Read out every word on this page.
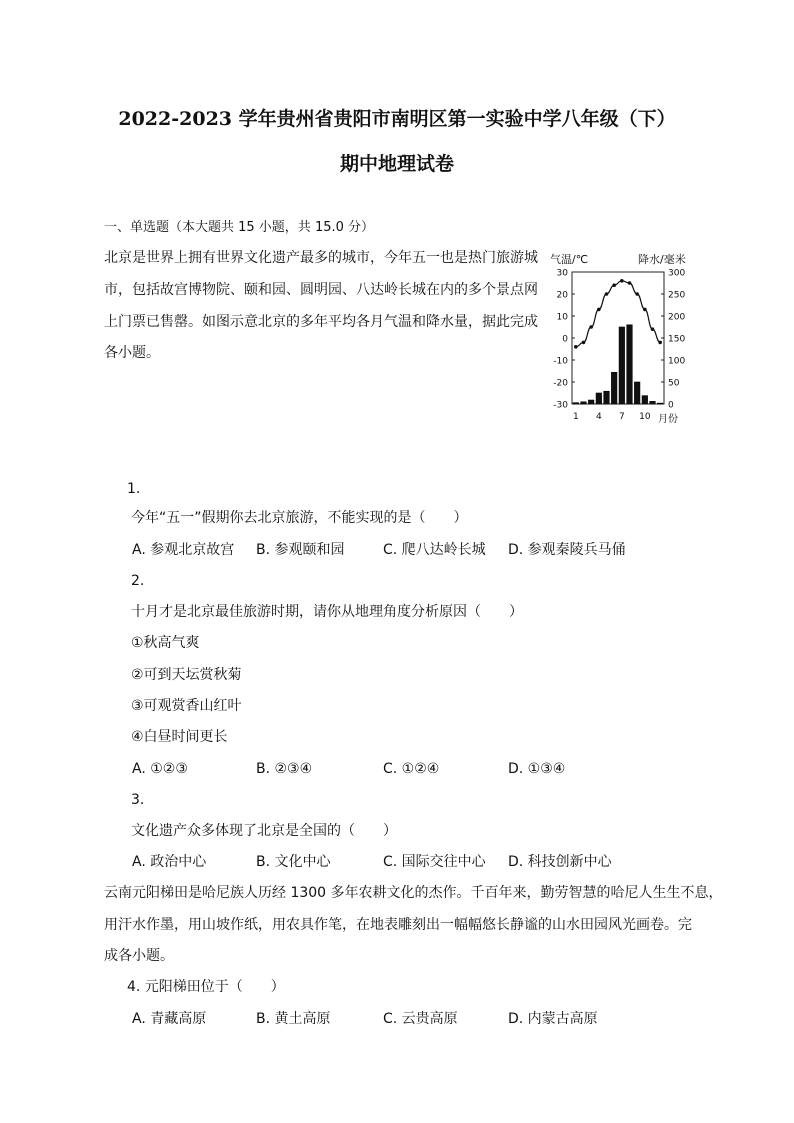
2022-2023 学年贵州省贵阳市南明区第一实验中学八年级（下）
期中地理试卷
一、单选题（本大题共 15 小题，共 15.0 分）
北京是世界上拥有世界文化遗产最多的城市，今年五一也是热门旅游城
市，包括故宫博物院、颐和园、圆明园、八达岭长城在内的多个景点网
上门票已售罄。如图示意北京的多年平均各月气温和降水量，据此完成
各小题。
气温/℃	降水/毫米
月份
30
20
10
0
-10
-20
-30
300
250
200
150
100
50
0
1 4 7 10
1.
今年“五一”假期你去北京旅游，不能实现的是（　　）
A. 参观北京故宫 B. 参观颐和园	C. 爬八达岭长城 D. 参观秦陵兵马俑
2.
十月才是北京最佳旅游时期，请你从地理角度分析原因（　　）
①秋高气爽
②可到天坛赏秋菊
③可观赏香山红叶
④白昼时间更长
A. ①②③	B. ②③④	C. ①②④	D. ①③④
3.
文化遗产众多体现了北京是全国的（　　）
A. 政治中心	B. 文化中心	C. 国际交往中心 D. 科技创新中心
云南元阳梯田是哈尼族人历经 1300 多年农耕文化的杰作。千百年来，勤劳智慧的哈尼人生生不息，
用汗水作墨，用山坡作纸，用农具作笔，在地表雕刻出一幅幅悠长静谧的山水田园风光画卷。完
成各小题。
4. 元阳梯田位于（　　）
A. 青藏高原	B. 黄土高原	C. 云贵高原	D. 内蒙古高原
